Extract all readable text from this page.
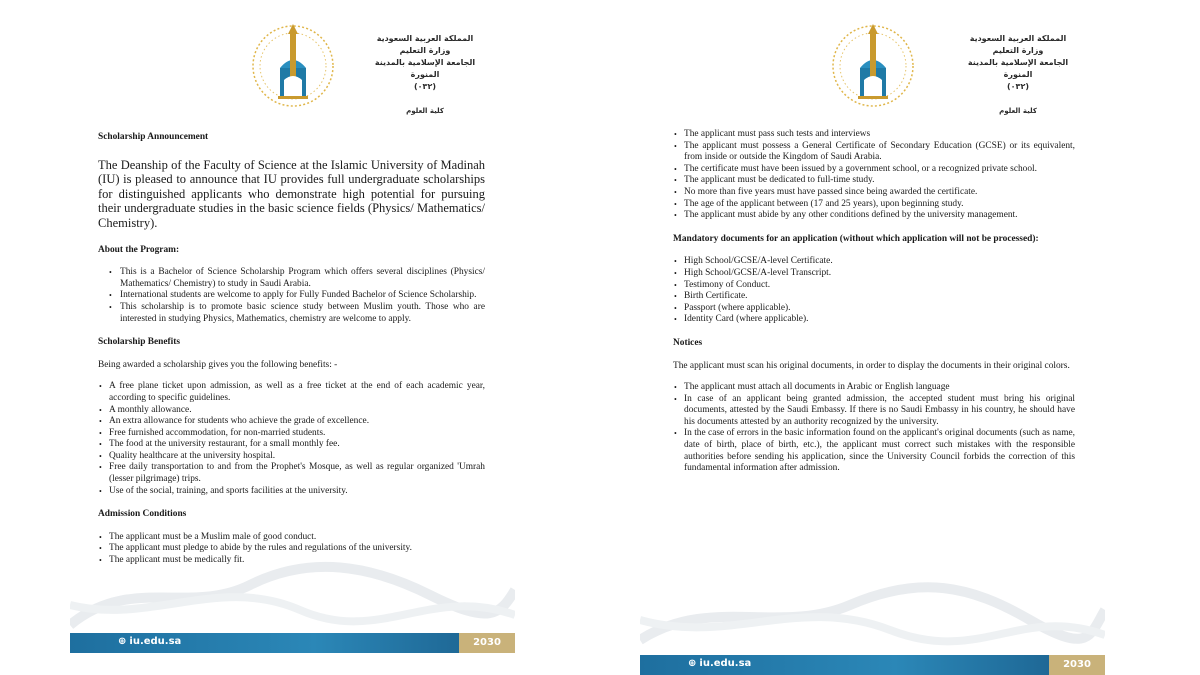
المملكة العربية السعودية
وزارة التعليم
الجامعة الإسلامية بالمدينة المنورة
(٠٣٢)
كلية العلوم
Scholarship Announcement

The Deanship of the Faculty of Science at the Islamic University of Madinah (IU) is pleased to announce that IU provides full undergraduate scholarships for distinguished applicants who demonstrate high potential for pursuing their undergraduate studies in the basic science fields (Physics/ Mathematics/ Chemistry).

About the Program:
• This is a Bachelor of Science Scholarship Program which offers several disciplines (Physics/ Mathematics/ Chemistry) to study in Saudi Arabia.
• International students are welcome to apply for Fully Funded Bachelor of Science Scholarship.
• This scholarship is to promote basic science study between Muslim youth. Those who are interested in studying Physics, Mathematics, chemistry are welcome to apply.
Scholarship Benefits

Being awarded a scholarship gives you the following benefits: -

• A free plane ticket upon admission, as well as a free ticket at the end of each academic year, according to specific guidelines.
• A monthly allowance.
• An extra allowance for students who achieve the grade of excellence.
• Free furnished accommodation, for non-married students.
• The food at the university restaurant, for a small monthly fee.
• Quality healthcare at the university hospital.
• Free daily transportation to and from the Prophet's Mosque, as well as regular organized 'Umrah (lesser pilgrimage) trips.
• Use of the social, training, and sports facilities at the university.
Admission Conditions
• The applicant must be a Muslim male of good conduct.
• The applicant must pledge to abide by the rules and regulations of the university.
• The applicant must be medically fit.
⊕ iu.edu.sa	2030
المملكة العربية السعودية
وزارة التعليم
الجامعة الإسلامية بالمدينة المنورة
(٠٣٢)
كلية العلوم
• The applicant must pass such tests and interviews
• The applicant must possess a General Certificate of Secondary Education (GCSE) or its equivalent, from inside or outside the Kingdom of Saudi Arabia.
• The certificate must have been issued by a government school, or a recognized private school.
• The applicant must be dedicated to full-time study.
• No more than five years must have passed since being awarded the certificate.
• The age of the applicant between (17 and 25 years), upon beginning study.
• The applicant must abide by any other conditions defined by the university management.
Mandatory documents for an application (without which application will not be processed):
• High School/GCSE/A-level Certificate.
• High School/GCSE/A-level Transcript.
• Testimony of Conduct.
• Birth Certificate.
• Passport (where applicable).
• Identity Card (where applicable).
Notices

The applicant must scan his original documents, in order to display the documents in their original colors.

• The applicant must attach all documents in Arabic or English language
• In case of an applicant being granted admission, the accepted student must bring his original documents, attested by the Saudi Embassy. If there is no Saudi Embassy in his country, he should have his documents attested by an authority recognized by the university.
• In the case of errors in the basic information found on the applicant's original documents (such as name, date of birth, place of birth, etc.), the applicant must correct such mistakes with the responsible authorities before sending his application, since the University Council forbids the correction of this fundamental information after admission.
⊕ iu.edu.sa	2030
